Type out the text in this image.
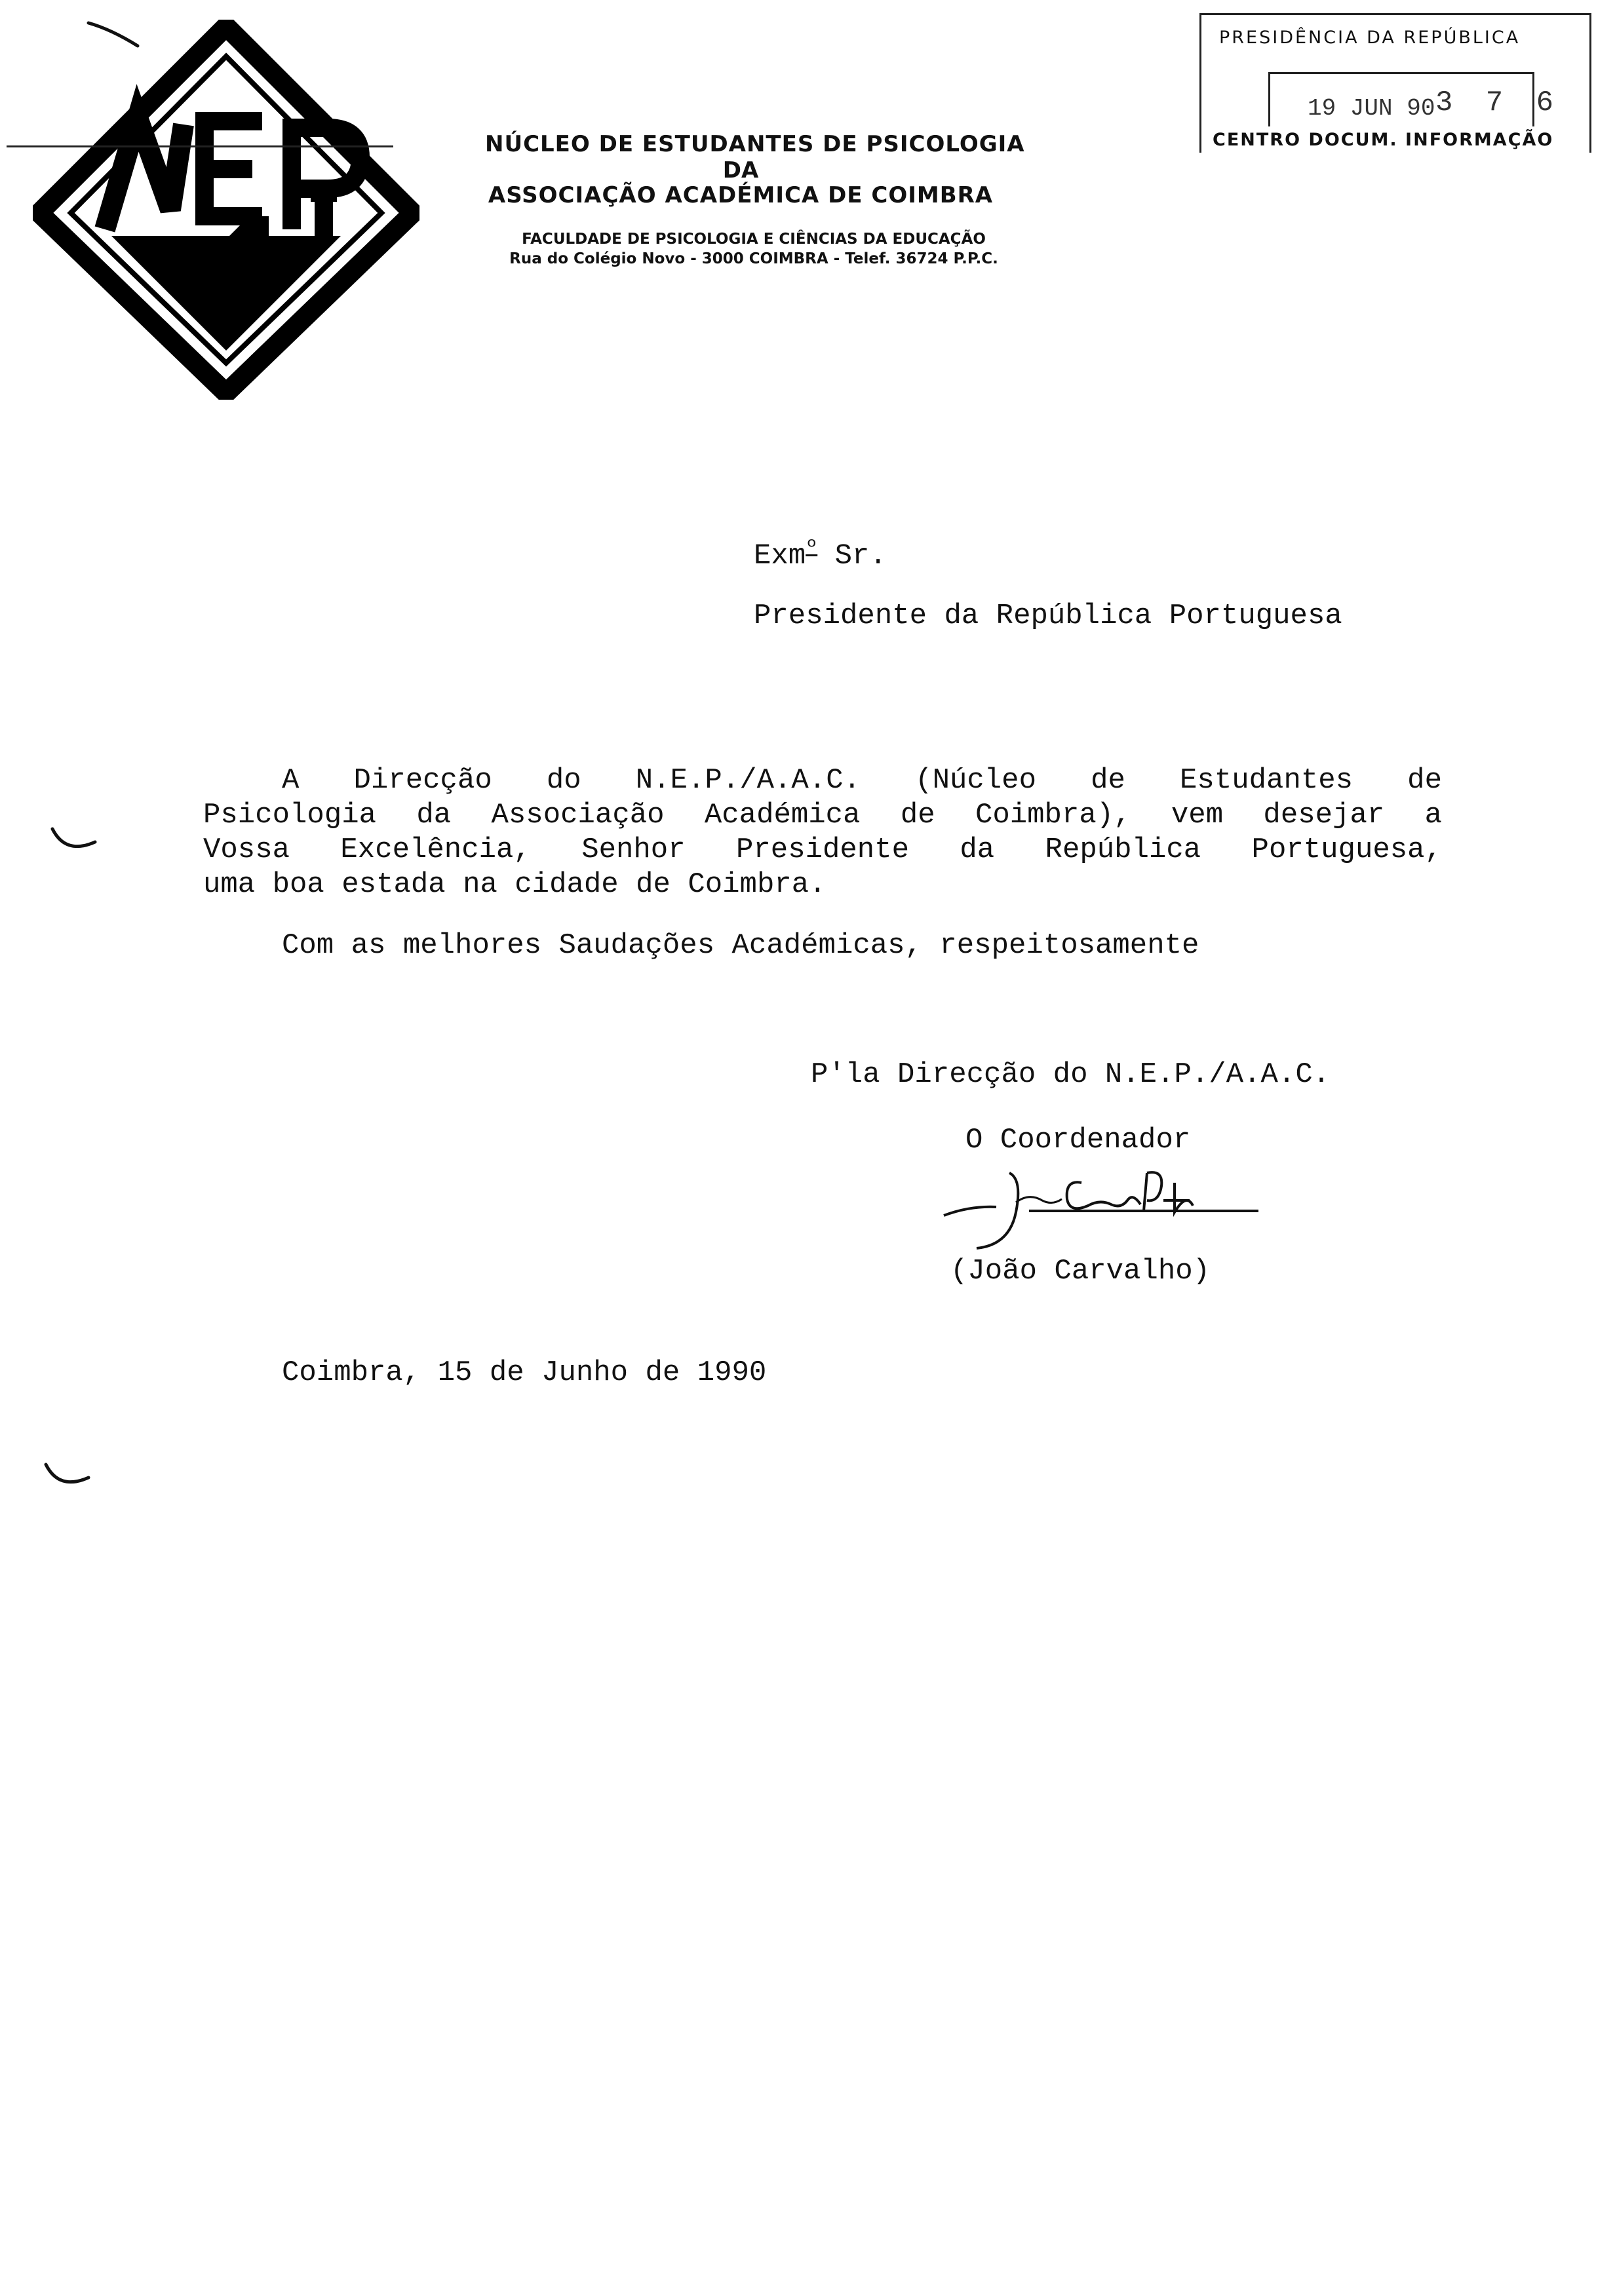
NÚCLEO DE ESTUDANTES DE PSICOLOGIA
DA
ASSOCIAÇÃO ACADÉMICA DE COIMBRA
FACULDADE DE PSICOLOGIA E CIÊNCIAS DA EDUCAÇÃO
Rua do Colégio Novo - 3000 COIMBRA - Telef. 36724 P.P.C.
PRESIDÊNCIA DA REPÚBLICA
19 JUN 90 3 7 6
CENTRO DOCUM. INFORMAÇÃO
Exm$^º$ Sr.
Presidente da República Portuguesa
A Direcção do N.E.P./A.A.C. (Núcleo de Estudantes de
Psicologia da Associação Académica de Coimbra), vem desejar a
Vossa Excelência, Senhor Presidente da República Portuguesa,
uma boa estada na cidade de Coimbra.
Com as melhores Saudações Académicas, respeitosamente
P'la Direcção do N.E.P./A.A.C.
O Coordenador
(João Carvalho)
Coimbra, 15 de Junho de 1990
